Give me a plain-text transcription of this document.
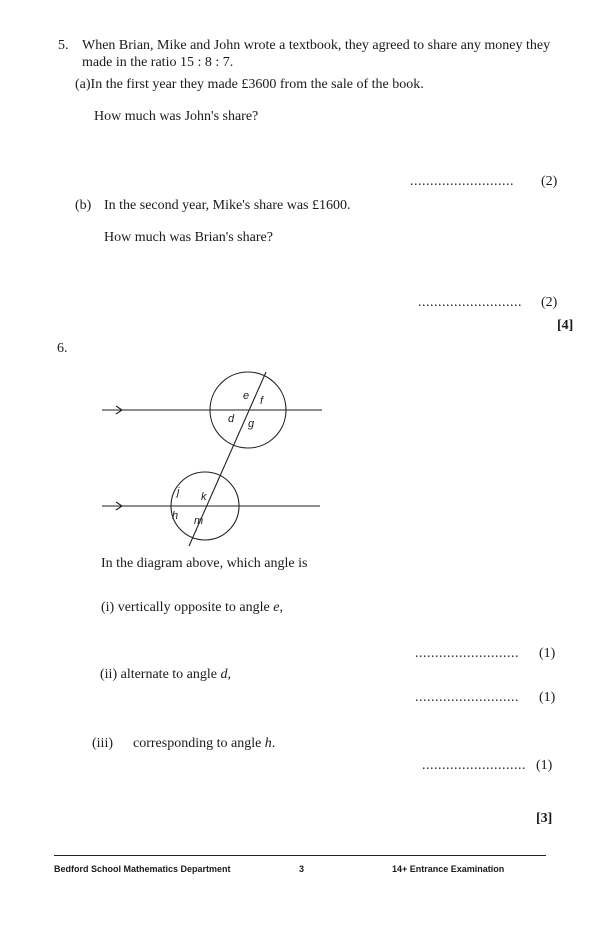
5. When Brian, Mike and John wrote a textbook, they agreed to share any money they
made in the ratio 15 : 8 : 7.
(a)In the first year they made £3600 from the sale of the book.
How much was John's share?
.......................... (2)
(b) In the second year, Mike's share was £1600.
How much was Brian's share?
.......................... (2)
[4]
6.
e f
d g
j k
h m
In the diagram above, which angle is
(i) vertically opposite to angle e,
.......................... (1)
(ii) alternate to angle d,
.......................... (1)
(iii) corresponding to angle h.
.......................... (1)
[3]
Bedford School Mathematics Department	3	14+ Entrance Examination
